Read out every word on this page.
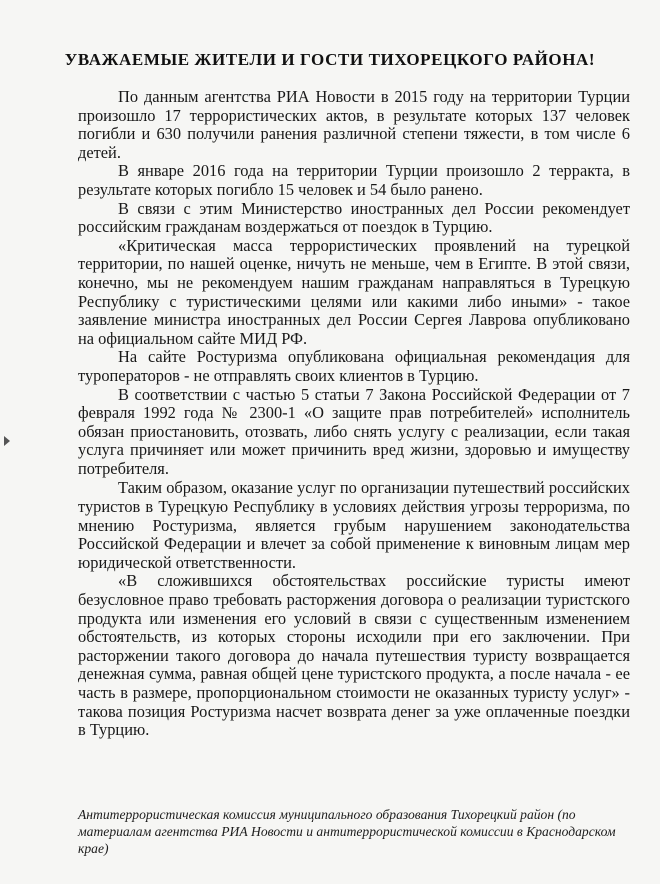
УВАЖАЕМЫЕ ЖИТЕЛИ И ГОСТИ ТИХОРЕЦКОГО РАЙОНА!

По данным агентства РИА Новости в 2015 году на территории Турции произошло 17 террористических актов, в результате которых 137 человек погибли и 630 получили ранения различной степени тяжести, в том числе 6 детей.

В январе 2016 года на территории Турции произошло 2 терракта, в результате которых погибло 15 человек и 54 было ранено.

В связи с этим Министерство иностранных дел России рекомендует российским гражданам воздержаться от поездок в Турцию.

«Критическая масса террористических проявлений на турецкой территории, по нашей оценке, ничуть не меньше, чем в Египте. В этой связи, конечно, мы не рекомендуем нашим гражданам направляться в Турецкую Республику с туристическими целями или какими либо иными» - такое заявление министра иностранных дел России Сергея Лаврова опубликовано на официальном сайте МИД РФ.

На сайте Ростуризма опубликована официальная рекомендация для туроператоров - не отправлять своих клиентов в Турцию.

В соответствии с частью 5 статьи 7 Закона Российской Федерации от 7 февраля 1992 года № 2300-1 «О защите прав потребителей» исполнитель обязан приостановить, отозвать, либо снять услугу с реализации, если такая услуга причиняет или может причинить вред жизни, здоровью и имуществу потребителя.

Таким образом, оказание услуг по организации путешествий российских туристов в Турецкую Республику в условиях действия угрозы терроризма, по мнению Ростуризма, является грубым нарушением законодательства Российской Федерации и влечет за собой применение к виновным лицам мер юридической ответственности.

«В сложившихся обстоятельствах российские туристы имеют безусловное право требовать расторжения договора о реализации туристского продукта или изменения его условий в связи с существенным изменением обстоятельств, из которых стороны исходили при его заключении. При расторжении такого договора до начала путешествия туристу возвращается денежная сумма, равная общей цене туристского продукта, а после начала - ее часть в размере, пропорциональном стоимости не оказанных туристу услуг» - такова позиция Ростуризма насчет возврата денег за уже оплаченные поездки в Турцию.

Антитеррористическая комиссия муниципального образования Тихорецкий район (по материалам агентства РИА Новости и антитеррористической комиссии в Краснодарском крае)
